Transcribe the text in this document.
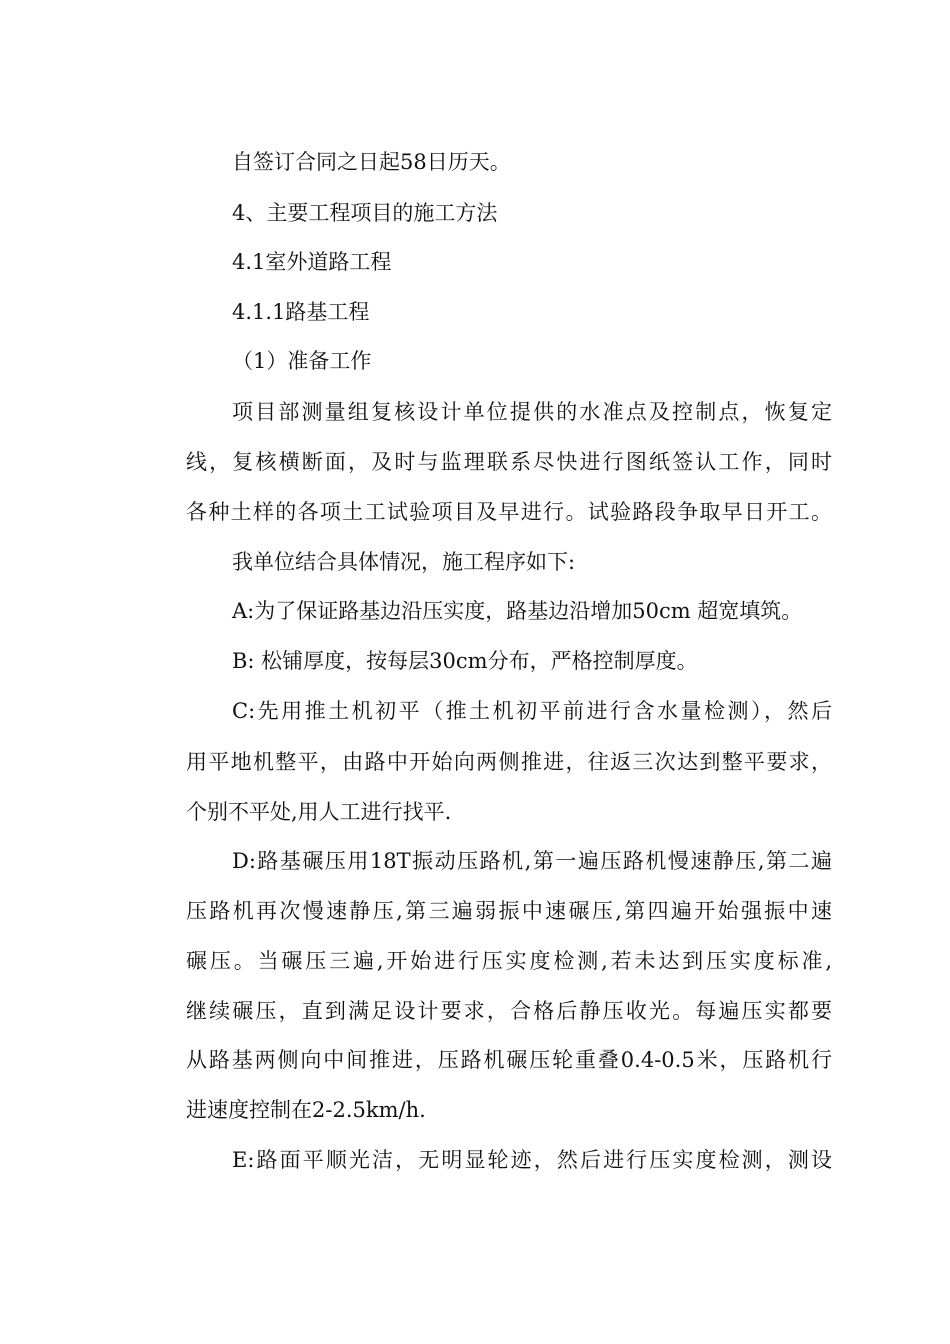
自签订合同之日起58日历天。
4、主要工程项目的施工方法
4.1室外道路工程
4.1.1路基工程
（1）准备工作
项目部测量组复核设计单位提供的水准点及控制点，恢复定
线，复核横断面，及时与监理联系尽快进行图纸签认工作，同时
各种土样的各项土工试验项目及早进行。试验路段争取早日开工。
我单位结合具体情况，施工程序如下:
A:为了保证路基边沿压实度，路基边沿增加50cm 超宽填筑。
B: 松铺厚度，按每层30cm分布，严格控制厚度。
C:先用推土机初平（推土机初平前进行含水量检测），然后
用平地机整平，由路中开始向两侧推进，往返三次达到整平要求，
个别不平处,用人工进行找平.
D:路基碾压用18T振动压路机,第一遍压路机慢速静压,第二遍
压路机再次慢速静压,第三遍弱振中速碾压,第四遍开始强振中速
碾压。当碾压三遍,开始进行压实度检测,若未达到压实度标准,
继续碾压，直到满足设计要求，合格后静压收光。每遍压实都要
从路基两侧向中间推进，压路机碾压轮重叠0.4-0.5米，压路机行
进速度控制在2-2.5km/h.
E:路面平顺光洁，无明显轮迹，然后进行压实度检测，测设
